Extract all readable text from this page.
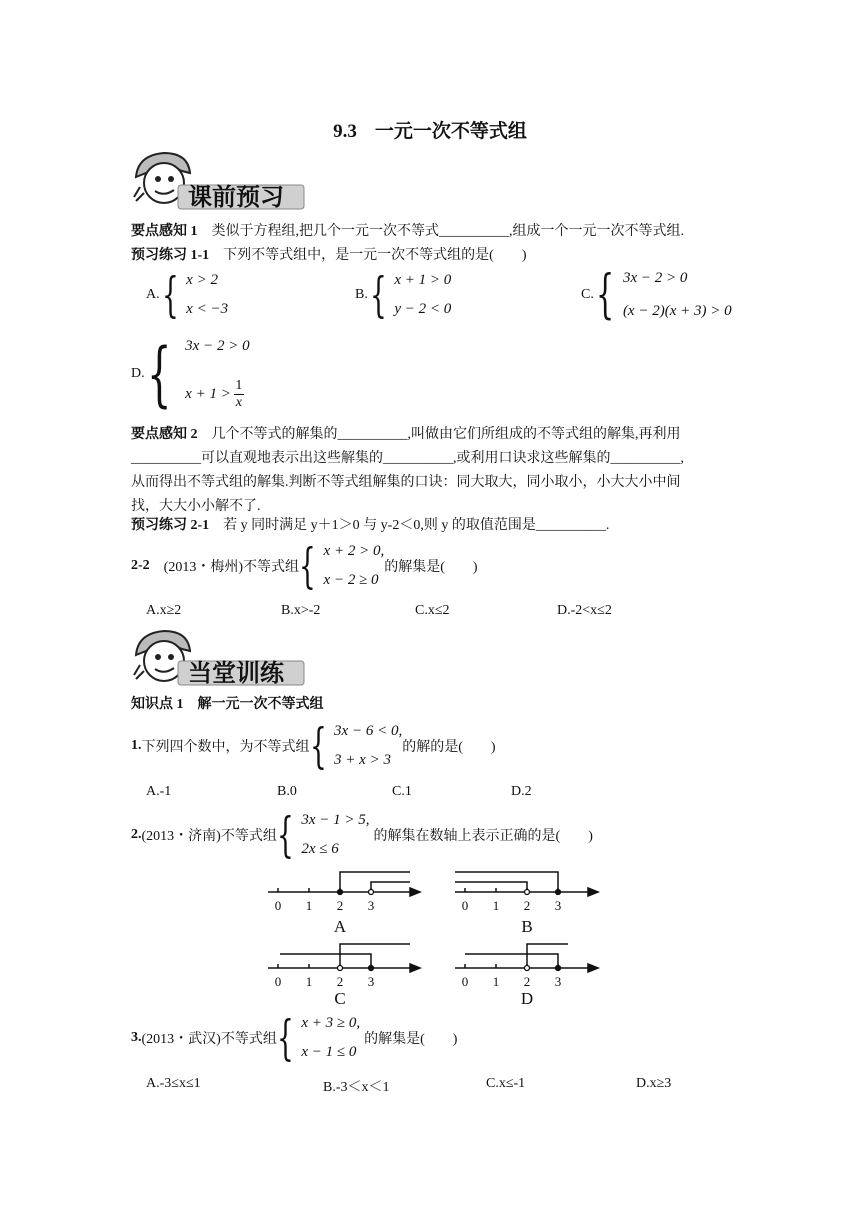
9.3 一元一次不等式组
课前预习
要点感知 1　 类似于方程组,把几个一元一次不等式__________,组成一个一元一次不等式组.
预习练习 1-1　 下列不等式组中，是一元一次不等式组的是(　　)
A. { x > 2
x < −3
B. { x + 1 > 0
y − 2 < 0
C. { 3x − 2 > 0
(x − 2)(x + 3) > 0
D. { 3x − 2 > 0
$x + 1 > \frac{1}{x}$
要点感知 2　 几个不等式的解集的__________,叫做由它们所组成的不等式组的解集,再利用
__________可以直观地表示出这些解集的__________,或利用口诀求这些解集的__________,
从而得出不等式组的解集.判断不等式组解集的口诀：同大取大，同小取小，小大大小中间
找，大大小小解不了.
预习练习 2-1　 若 y 同时满足 y＋1＞0 与 y-2＜0,则 y 的取值范围是__________.
2-2 (2013・梅州)不等式组 { x + 2 > 0,
x − 2 ≥ 0
的解集是(　　)
A.x≥2	B.x>-2	C.x≤2	D.-2<x≤2
当堂训练
知识点 1　解一元一次不等式组
1. 下列四个数中，为不等式组 { 3x − 6 < 0,
3 + x > 3
的解的是(　　)
A.-1	B.0	C.1	D.2
2. (2013・济南)不等式组 { 3x − 1 > 5,
2x ≤ 6
的解集在数轴上表示正确的是(　　)
0 1 2 3	0 1 2 3
0 1 2 3	0 1 2 3
A	B
C	D
3. (2013・武汉)不等式组 { x + 3 ≥ 0,
x − 1 ≤ 0
的解集是(　　)
A.-3≤x≤1	B.-3＜x＜1	C.x≤-1	D.x≥3
